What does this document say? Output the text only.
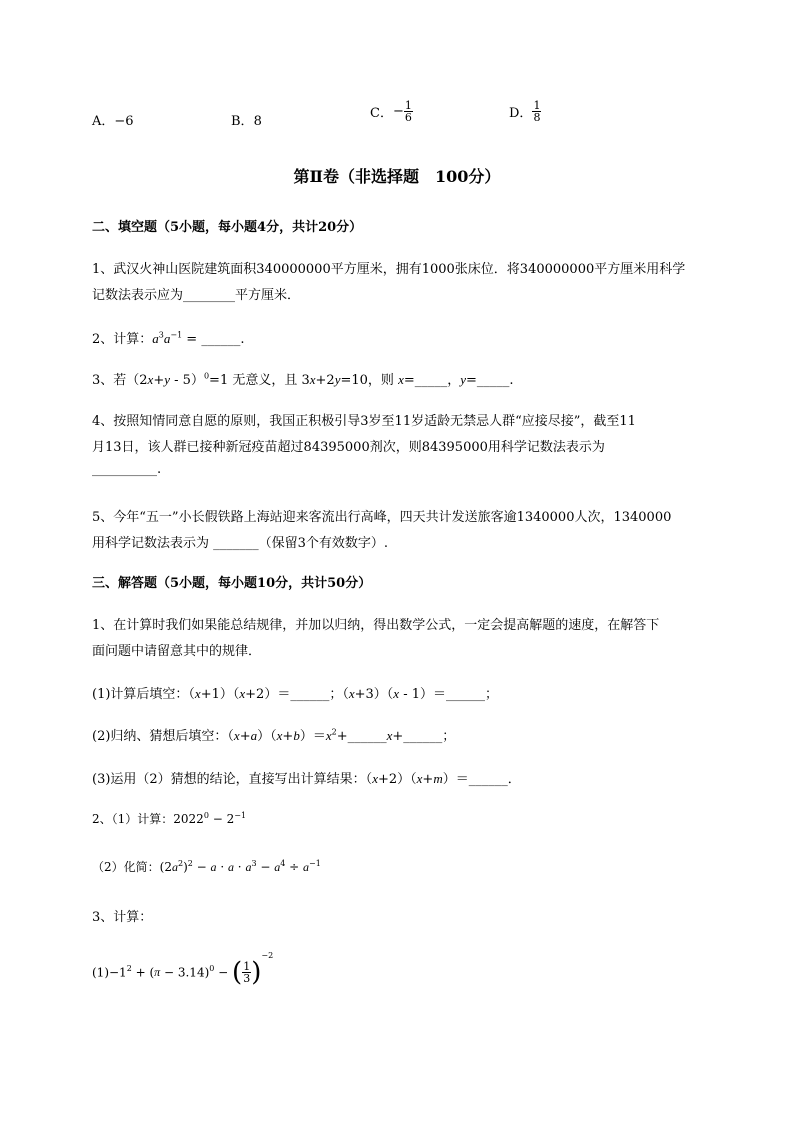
A．−6	B．8
C．− $\frac{1}{6}$	D． $\frac{1}{8}$
第Ⅱ卷（非选择题　100分）
二、填空题（5小题，每小题4分，共计20分）
1、武汉火神山医院建筑面积340000000平方厘米，拥有1000张床位．将340000000平方厘米用科学
记数法表示应为________平方厘米．
2、计算：$a^3a^{-1}$ = ______.
3、若$(2x+y - 5)^0=1$ 无意义，且 3x+2y=10，则 x=_____，y=_____.
4、按照知情同意自愿的原则，我国正积极引导3岁至11岁适龄无禁忌人群“应接尽接”，截至11
月13日，该人群已接种新冠疫苗超过84395000剂次，则84395000用科学记数法表示为
__________.
5、今年“五一”小长假铁路上海站迎来客流出行高峰，四天共计发送旅客逾1340000人次，1340000
用科学记数法表示为 _______（保留3个有效数字）.
三、解答题（5小题，每小题10分，共计50分）
1、在计算时我们如果能总结规律，并加以归纳，得出数学公式，一定会提高解题的速度，在解答下
面问题中请留意其中的规律．
(1)计算后填空：（x+1）（x+2）＝______；（x+3）（x - 1）＝______；
(2)归纳、猜想后填空：$(x+a)(x+b)=x^2+\_\_\_\_\_\_x+\_\_\_\_\_\_$；
(3)运用（2）猜想的结论，直接写出计算结果：（x+2）（x+m）＝______．
2、（1）计算：$2022^0 - 2^{-1}$
（2）化简：$(2a^2)^2 - a \cdot a \cdot a^3 - a^4 \div a^{-1}$
3、计算：
$(1)-1^2 + (\pi - 3.14)^0$ − ( $\frac{1}{3} )^{-2}$
